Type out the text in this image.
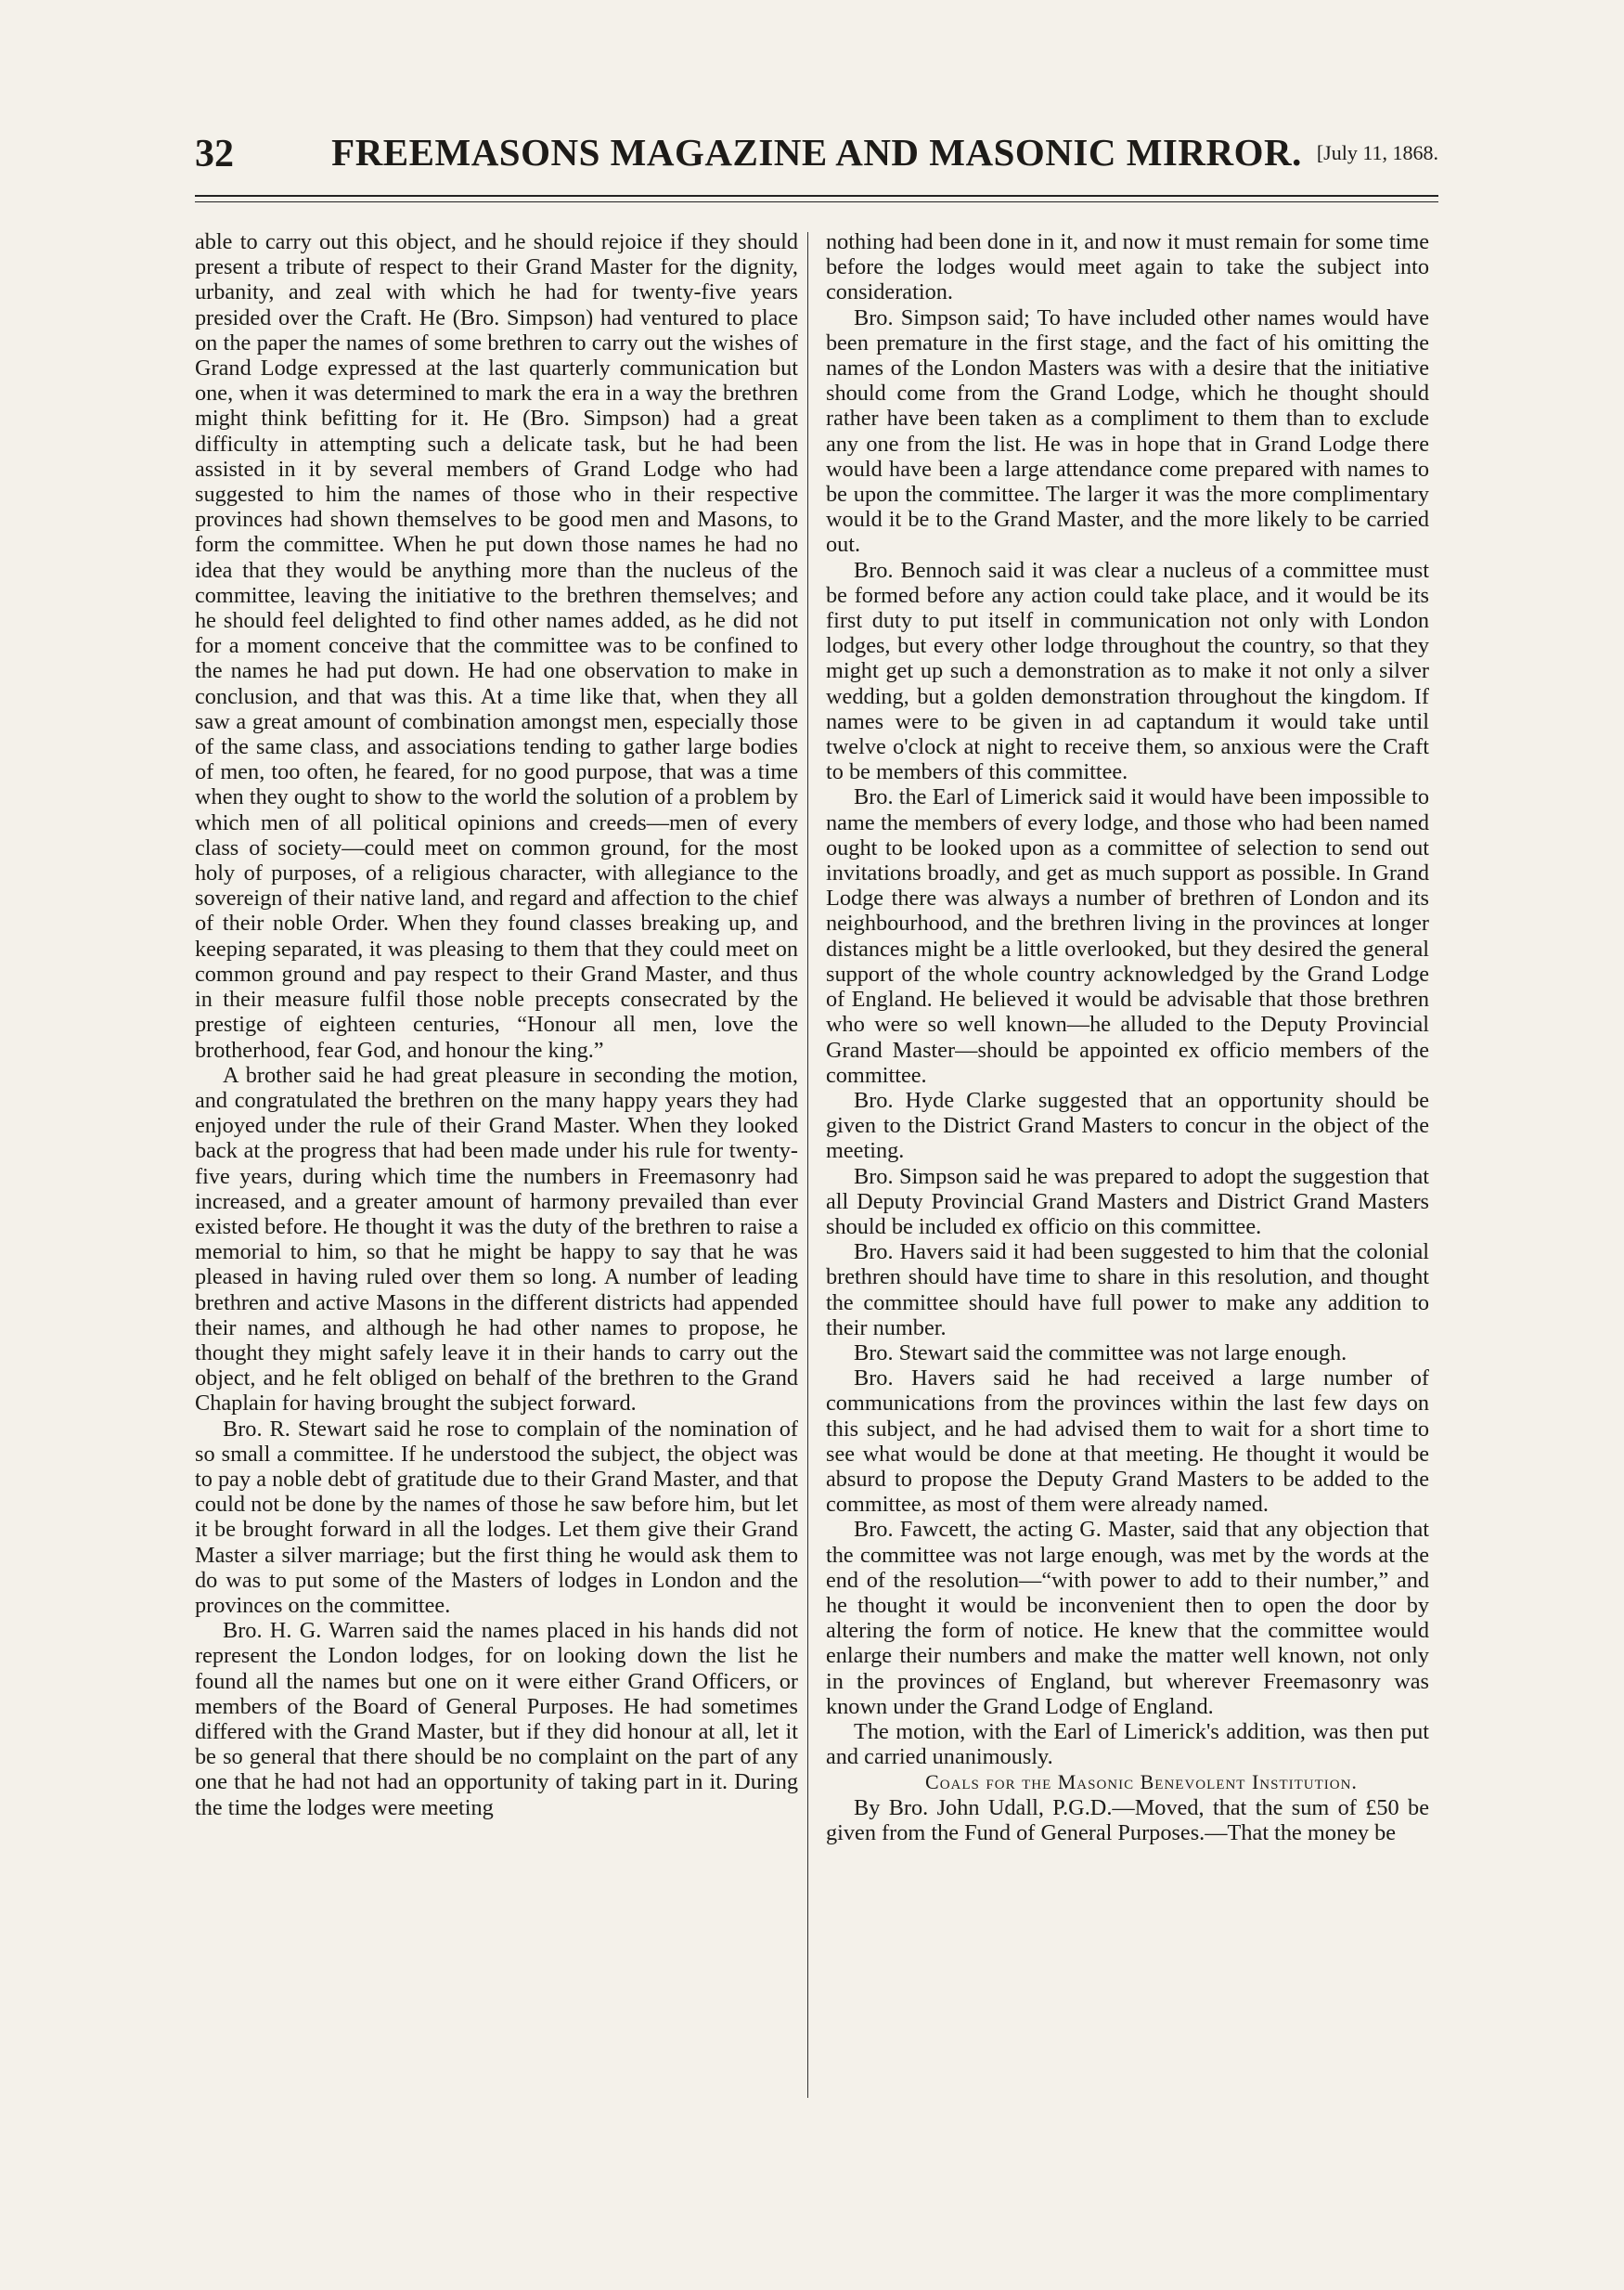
32	FREEMASONS MAGAZINE AND MASONIC MIRROR. [July 11, 1868.

able to carry out this object, and he should rejoice if they should present a tribute of respect to their Grand Master for the dignity, urbanity, and zeal with which he had for twenty-five years presided over the Craft. He (Bro. Simpson) had ventured to place on the paper the names of some brethren to carry out the wishes of Grand Lodge expressed at the last quarterly communication but one, when it was determined to mark the era in a way the brethren might think befitting for it. He (Bro. Simpson) had a great difficulty in attempting such a delicate task, but he had been assisted in it by several members of Grand Lodge who had suggested to him the names of those who in their respective provinces had shown themselves to be good men and Masons, to form the committee. When he put down those names he had no idea that they would be anything more than the nucleus of the committee, leaving the initiative to the brethren themselves; and he should feel delighted to find other names added, as he did not for a moment conceive that the committee was to be confined to the names he had put down. He had one observation to make in conclusion, and that was this. At a time like that, when they all saw a great amount of combination amongst men, especially those of the same class, and associations tending to gather large bodies of men, too often, he feared, for no good purpose, that was a time when they ought to show to the world the solution of a problem by which men of all political opinions and creeds—men of every class of society—could meet on common ground, for the most holy of purposes, of a religious character, with allegiance to the sovereign of their native land, and regard and affection to the chief of their noble Order. When they found classes breaking up, and keeping separated, it was pleasing to them that they could meet on common ground and pay respect to their Grand Master, and thus in their measure fulfil those noble precepts consecrated by the prestige of eighteen centuries, “Honour all men, love the brotherhood, fear God, and honour the king.”

A brother said he had great pleasure in seconding the motion, and congratulated the brethren on the many happy years they had enjoyed under the rule of their Grand Master. When they looked back at the progress that had been made under his rule for twenty-five years, during which time the numbers in Freemasonry had increased, and a greater amount of harmony prevailed than ever existed before. He thought it was the duty of the brethren to raise a memorial to him, so that he might be happy to say that he was pleased in having ruled over them so long. A number of leading brethren and active Masons in the different districts had appended their names, and although he had other names to propose, he thought they might safely leave it in their hands to carry out the object, and he felt obliged on behalf of the brethren to the Grand Chaplain for having brought the subject forward.

Bro. R. Stewart said he rose to complain of the nomination of so small a committee. If he understood the subject, the object was to pay a noble debt of gratitude due to their Grand Master, and that could not be done by the names of those he saw before him, but let it be brought forward in all the lodges. Let them give their Grand Master a silver marriage; but the first thing he would ask them to do was to put some of the Masters of lodges in London and the provinces on the committee.

Bro. H. G. Warren said the names placed in his hands did not represent the London lodges, for on looking down the list he found all the names but one on it were either Grand Officers, or members of the Board of General Purposes. He had sometimes differed with the Grand Master, but if they did honour at all, let it be so general that there should be no complaint on the part of any one that he had not had an opportunity of taking part in it. During the time the lodges were meeting

nothing had been done in it, and now it must remain for some time before the lodges would meet again to take the subject into consideration.

Bro. Simpson said; To have included other names would have been premature in the first stage, and the fact of his omitting the names of the London Masters was with a desire that the initiative should come from the Grand Lodge, which he thought should rather have been taken as a compliment to them than to exclude any one from the list. He was in hope that in Grand Lodge there would have been a large attendance come prepared with names to be upon the committee. The larger it was the more complimentary would it be to the Grand Master, and the more likely to be carried out.

Bro. Bennoch said it was clear a nucleus of a committee must be formed before any action could take place, and it would be its first duty to put itself in communication not only with London lodges, but every other lodge throughout the country, so that they might get up such a demonstration as to make it not only a silver wedding, but a golden demonstration throughout the kingdom. If names were to be given in ad captandum it would take until twelve o'clock at night to receive them, so anxious were the Craft to be members of this committee.

Bro. the Earl of Limerick said it would have been impossible to name the members of every lodge, and those who had been named ought to be looked upon as a committee of selection to send out invitations broadly, and get as much support as possible. In Grand Lodge there was always a number of brethren of London and its neighbourhood, and the brethren living in the provinces at longer distances might be a little overlooked, but they desired the general support of the whole country acknowledged by the Grand Lodge of England. He believed it would be advisable that those brethren who were so well known—he alluded to the Deputy Provincial Grand Master—should be appointed ex officio members of the committee.

Bro. Hyde Clarke suggested that an opportunity should be given to the District Grand Masters to concur in the object of the meeting.

Bro. Simpson said he was prepared to adopt the suggestion that all Deputy Provincial Grand Masters and District Grand Masters should be included ex officio on this committee.

Bro. Havers said it had been suggested to him that the colonial brethren should have time to share in this resolution, and thought the committee should have full power to make any addition to their number.

Bro. Stewart said the committee was not large enough.

Bro. Havers said he had received a large number of communications from the provinces within the last few days on this subject, and he had advised them to wait for a short time to see what would be done at that meeting. He thought it would be absurd to propose the Deputy Grand Masters to be added to the committee, as most of them were already named.

Bro. Fawcett, the acting G. Master, said that any objection that the committee was not large enough, was met by the words at the end of the resolution—“with power to add to their number,” and he thought it would be inconvenient then to open the door by altering the form of notice. He knew that the committee would enlarge their numbers and make the matter well known, not only in the provinces of England, but wherever Freemasonry was known under the Grand Lodge of England.

The motion, with the Earl of Limerick's addition, was then put and carried unanimously.

Coals for the Masonic Benevolent Institution.

By Bro. John Udall, P.G.D.—Moved, that the sum of £50 be given from the Fund of General Purposes.—That the money be
